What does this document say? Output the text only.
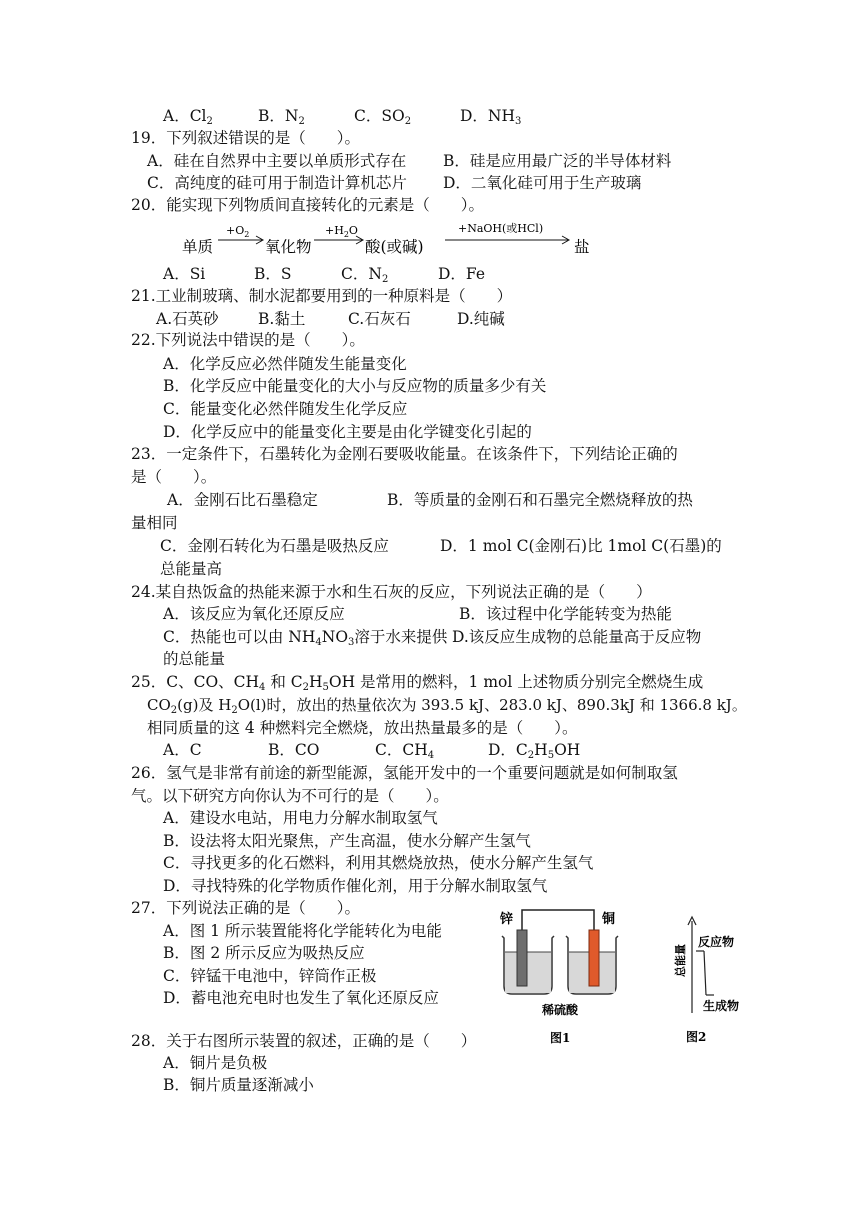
A．$Cl_2$	B．$N_2$	C．$SO_2$	D．$NH_3$
19．下列叙述错误的是（　　）。
A．硅在自然界中主要以单质形式存在 B．硅是应用最广泛的半导体材料
C．高纯度的硅可用于制造计算机芯片 D．二氧化硅可用于生产玻璃
20．能实现下列物质间直接转化的元素是（　　）。
单质
$+O_2$
氧化物
$+H_2O$
酸(或碱)
+NaOH(或HCl)
盐
A．Si	B．S	C．$N_2$	D．Fe
21.工业制玻璃、制水泥都要用到的一种原料是（　　）
A.石英砂	B.黏土	C.石灰石	D.纯碱
22.下列说法中错误的是（　　）。
A．化学反应必然伴随发生能量变化
B．化学反应中能量变化的大小与反应物的质量多少有关
C．能量变化必然伴随发生化学反应
D．化学反应中的能量变化主要是由化学键变化引起的
23．一定条件下，石墨转化为金刚石要吸收能量。在该条件下，下列结论正确的
是（　　）。
A．金刚石比石墨稳定	B．等质量的金刚石和石墨完全燃烧释放的热
量相同
C．金刚石转化为石墨是吸热反应	D．1 mol C(金刚石)比 1mol C(石墨)的
总能量高
24.某自热饭盒的热能来源于水和生石灰的反应，下列说法正确的是（　　）
A．该反应为氧化还原反应	B．该过程中化学能转变为热能
C．热能也可以由 $NH_4NO_3$溶于水来提供 D.该反应生成物的总能量高于反应物
的总能量
25．C、CO、$CH_4$ 和 $C_2H_5OH$ 是常用的燃料，1 mol 上述物质分别完全燃烧生成
$CO_2(g)$及 $H_2O(l)$时，放出的热量依次为 393.5 kJ、283.0 kJ、890.3kJ 和 1366.8 kJ。
相同质量的这 4 种燃料完全燃烧，放出热量最多的是（　　）。
A．C	B．CO	C．$CH_4$	D．$C_2H_5OH$
26．氢气是非常有前途的新型能源，氢能开发中的一个重要问题就是如何制取氢
气。以下研究方向你认为不可行的是（　　）。
A．建设水电站，用电力分解水制取氢气
B．设法将太阳光聚焦，产生高温，使水分解产生氢气
C．寻找更多的化石燃料，利用其燃烧放热，使水分解产生氢气
D．寻找特殊的化学物质作催化剂，用于分解水制取氢气
27．下列说法正确的是（　　）。
A．图 1 所示装置能将化学能转化为电能
B．图 2 所示反应为吸热反应
C．锌锰干电池中，锌筒作正极
D．蓄电池充电时也发生了氧化还原反应
锌	铜
稀硫酸
图1
总能量
反应物
生成物
图2
28．关于右图所示装置的叙述，正确的是（　　）
A．铜片是负极
B．铜片质量逐渐减小
